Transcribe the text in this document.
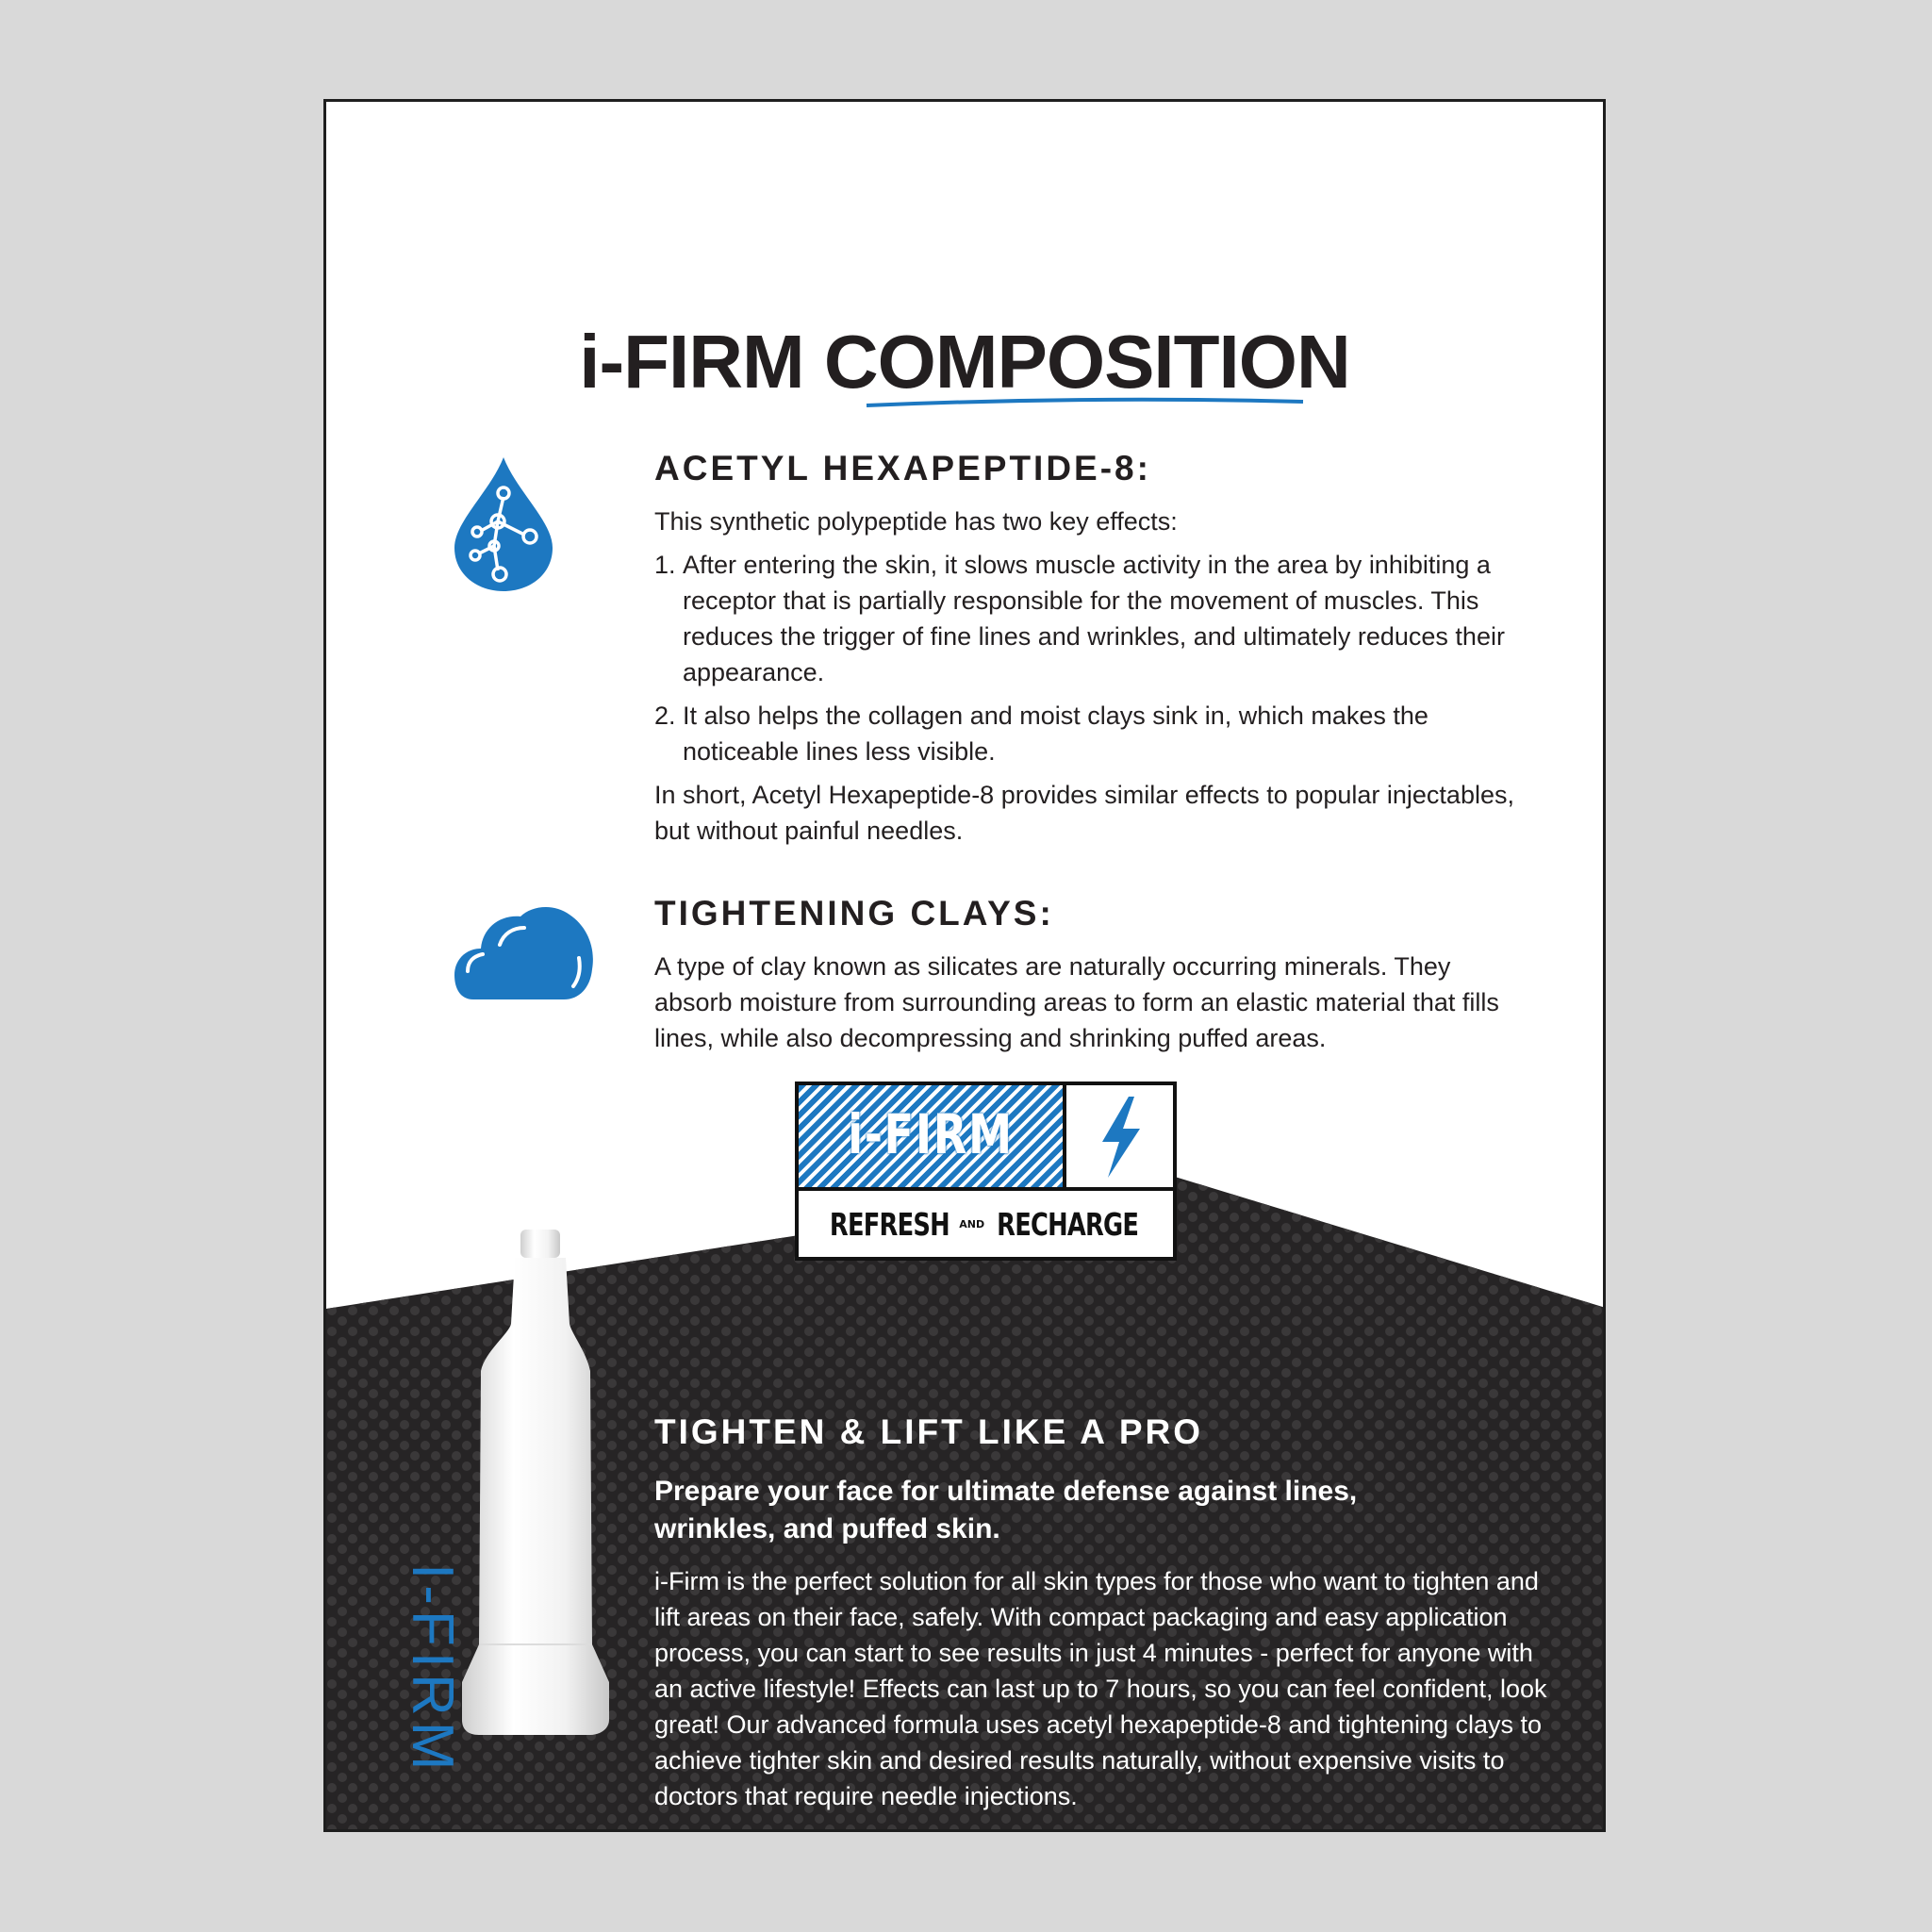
i-FIRM COMPOSITION
ACETYL HEXAPEPTIDE-8:

This synthetic polypeptide has two key effects:

1. After entering the skin, it slows muscle activity in the area by inhibiting a receptor that is partially responsible for the movement of muscles. This reduces the trigger of fine lines and wrinkles, and ultimately reduces their appearance.
2. It also helps the collagen and moist clays sink in, which makes the noticeable lines less visible.

In short, Acetyl Hexapeptide-8 provides similar effects to popular injectables, but without painful needles.

TIGHTENING CLAYS:

A type of clay known as silicates are naturally occurring minerals. They absorb moisture from surrounding areas to form an elastic material that fills lines, while also decompressing and shrinking puffed areas.

i-FIRM
REFRESH AND RECHARGE
I-FIRM
TIGHTEN & LIFT LIKE A PRO

Prepare your face for ultimate defense against lines, wrinkles, and puffed skin.

i-Firm is the perfect solution for all skin types for those who want to tighten and lift areas on their face, safely. With compact packaging and easy application process, you can start to see results in just 4 minutes - perfect for anyone with an active lifestyle! Effects can last up to 7 hours, so you can feel confident, look great! Our advanced formula uses acetyl hexapeptide-8 and tightening clays to achieve tighter skin and desired results naturally, without expensive visits to doctors that require needle injections.
